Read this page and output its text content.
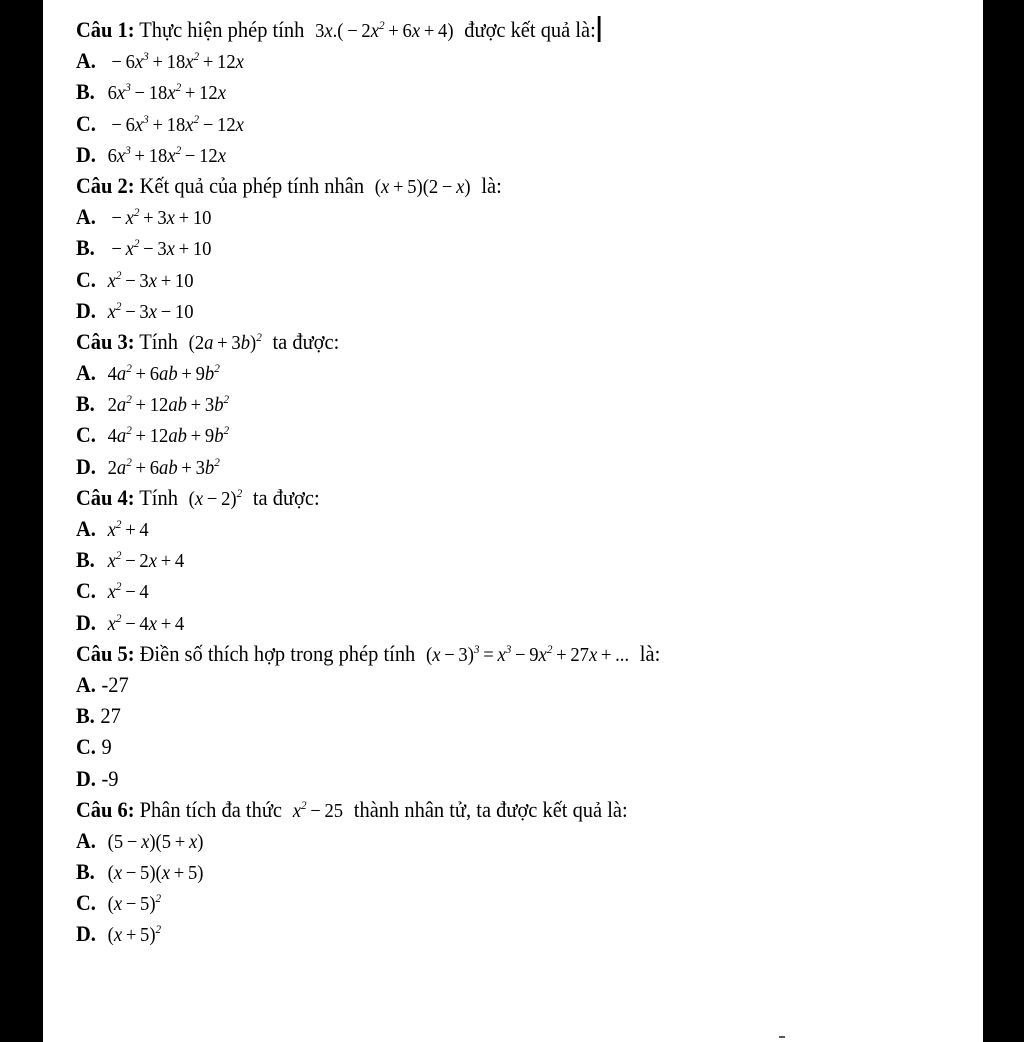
Câu 1: Thực hiện phép tính $3x.( - 2x^2 + 6x + 4)$ được kết quả là:
A. − $6x^3 + 18x^2 + 12x$
B. $6x^3 - 18x^2 + 12x$
C. − $6x^3 + 18x^2 - 12x$
D. $6x^3 + 18x^2 - 12x$
Câu 2: Kết quả của phép tính nhân (x + 5)(2 − x) là:
A. − $x^2 + 3x + 10$
B. − $x^2 - 3x + 10$
C. $x^2 - 3x + 10$
D. $x^2 - 3x - 10$
Câu 3: Tính $(2a + 3b)^2$ ta được:
A. $4a^2 + 6ab + 9b^2$
B. $2a^2 + 12ab + 3b^2$
C. $4a^2 + 12ab + 9b^2$
D. $2a^2 + 6ab + 3b^2$
Câu 4: Tính $(x - 2)^2$ ta được:
A. $x^2 + 4$
B. $x^2 - 2x + 4$
C. $x^2 - 4$
D. $x^2 - 4x + 4$
Câu 5: Điền số thích hợp trong phép tính $(x - 3)^3 = x^3 - 9x^2 + 27x$ + ... là:
A. -27
B. 27
C. 9
D. -9
Câu 6: Phân tích đa thức $x^2 - 25$ thành nhân tử, ta được kết quả là:
A. (5 − x)(5 + x)
B. (x − 5)(x + 5)
C. $(x - 5)^2$
D. $(x + 5)^2$
